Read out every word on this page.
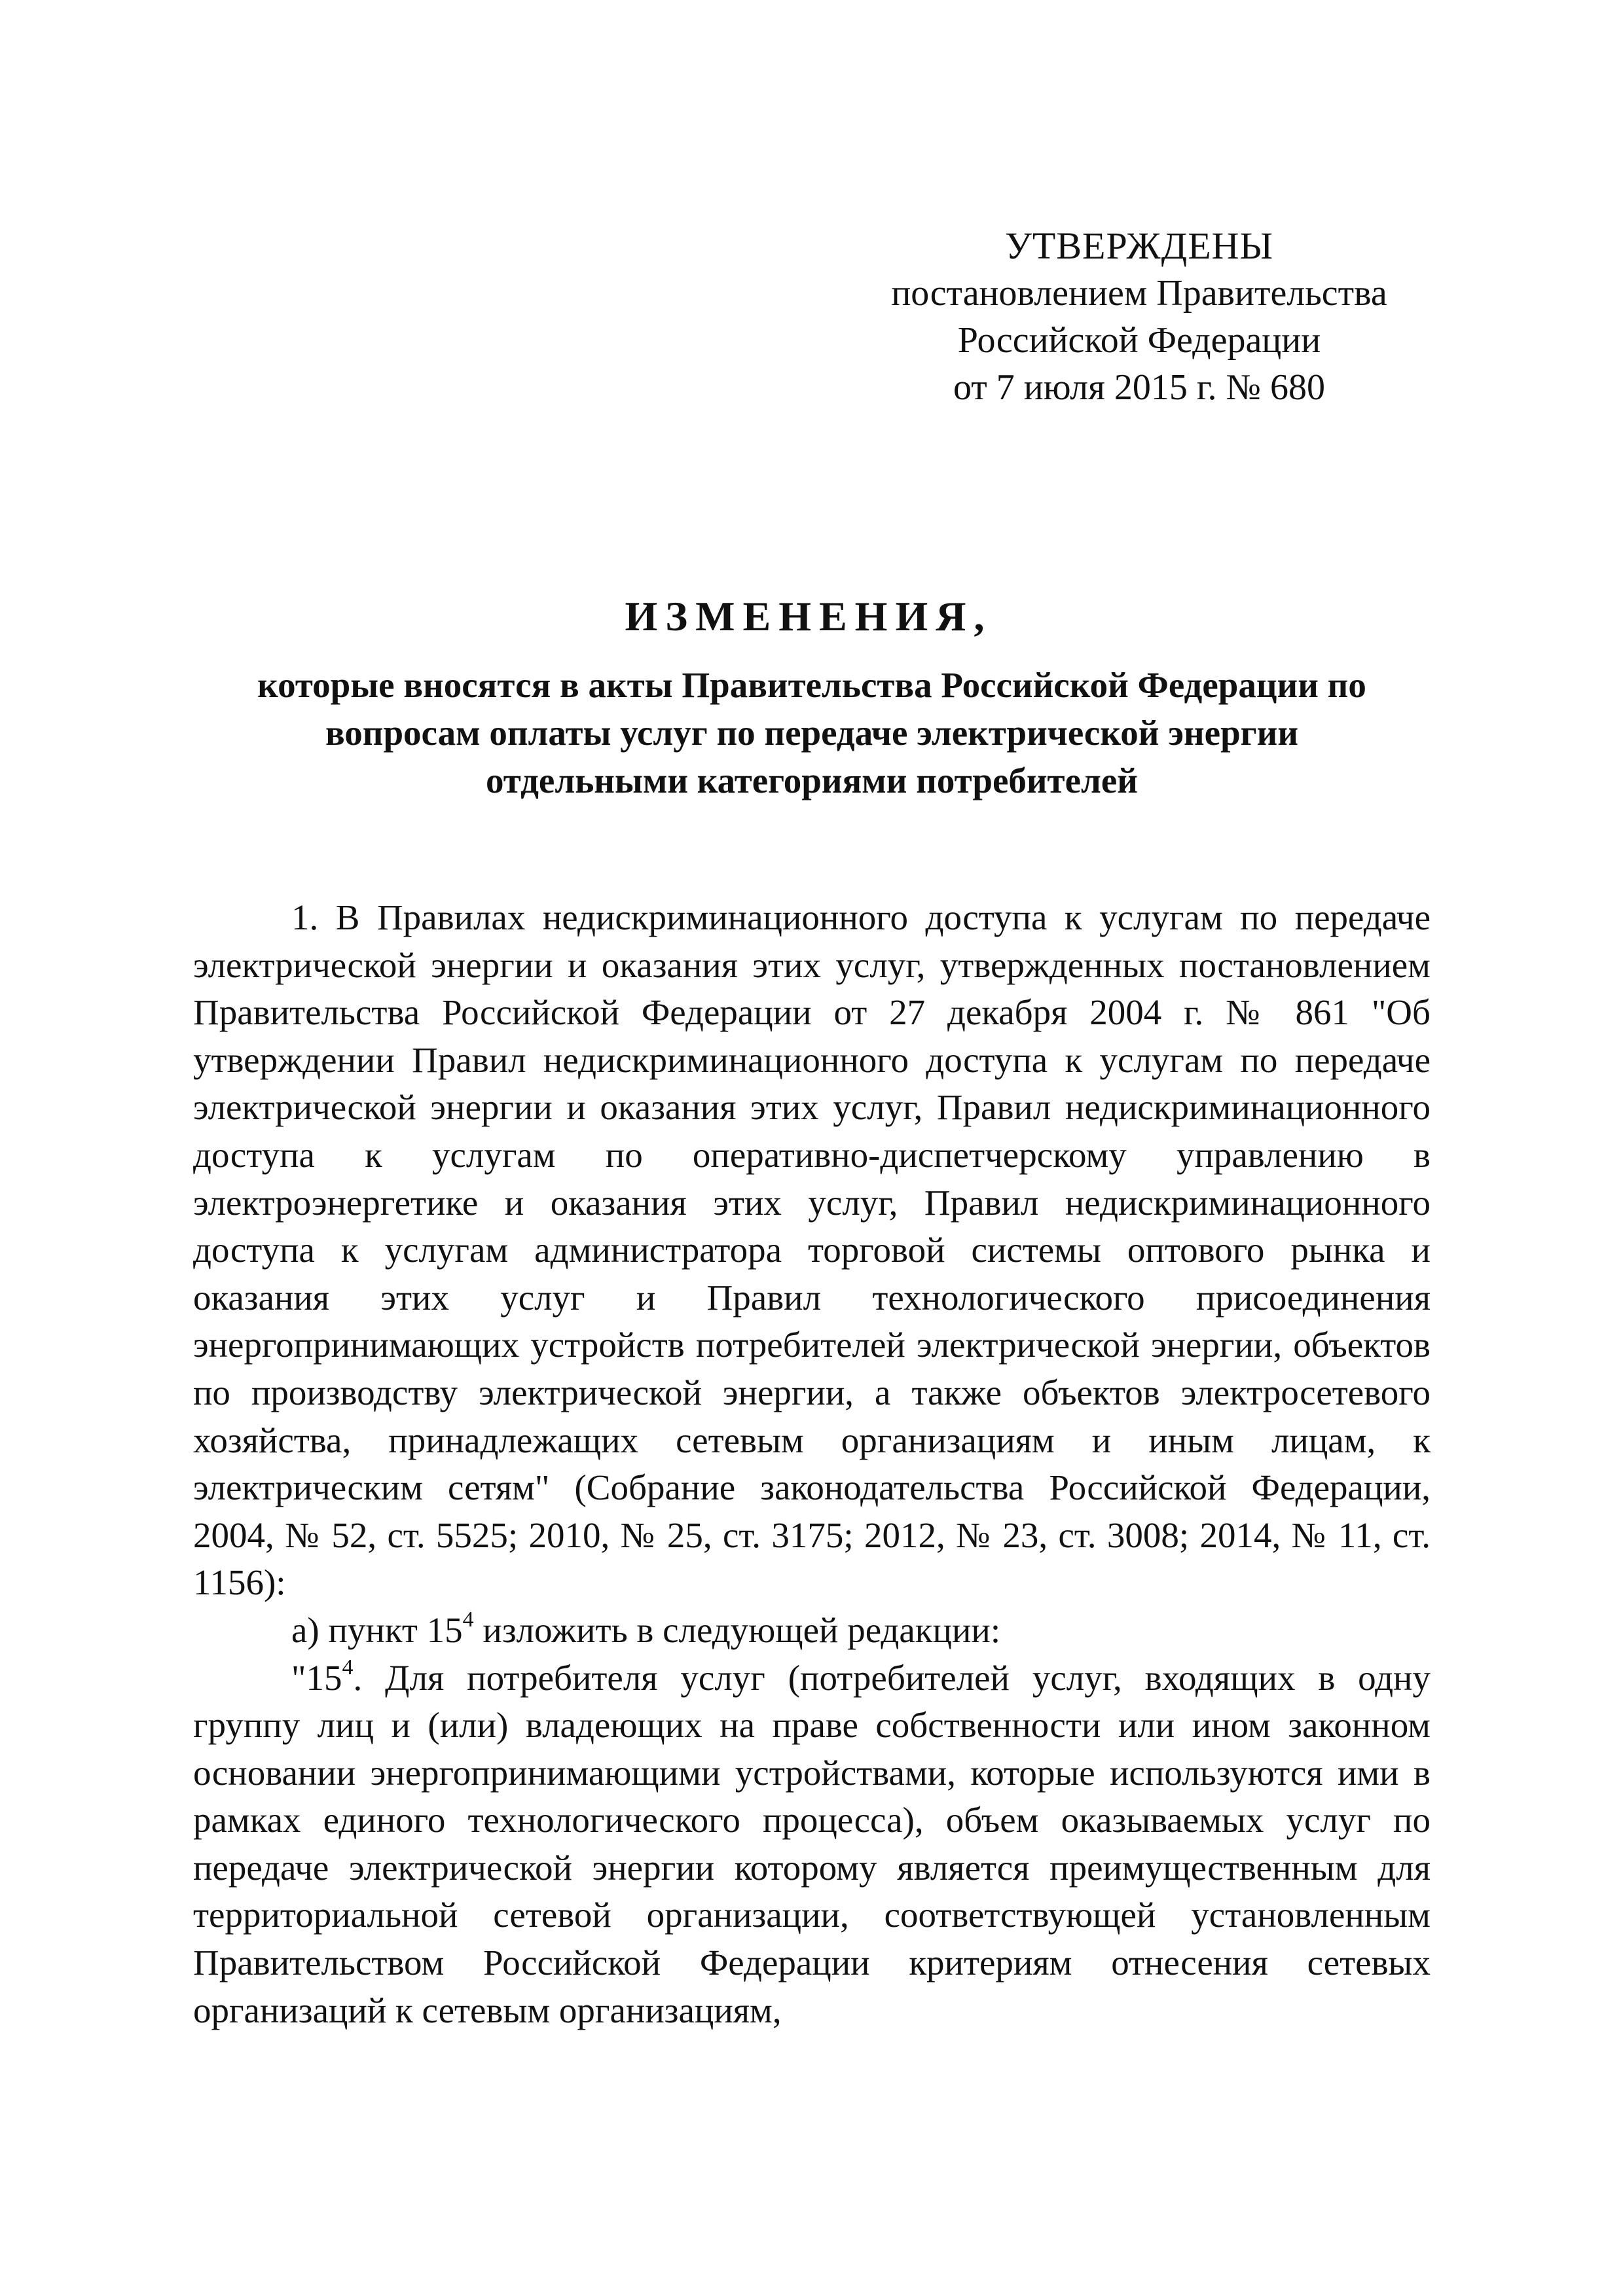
УТВЕРЖДЕНЫ
постановлением Правительства
Российской Федерации
от 7 июля 2015 г. № 680
ИЗМЕНЕНИЯ,
которые вносятся в акты Правительства Российской Федерации по
вопросам оплаты услуг по передаче электрической энергии
отдельными категориями потребителей

1. В Правилах недискриминационного доступа к услугам по передаче электрической энергии и оказания этих услуг, утвержденных постановлением Правительства Российской Федерации от 27 декабря 2004 г. № 861 "Об утверждении Правил недискриминационного доступа к услугам по передаче электрической энергии и оказания этих услуг, Правил недискриминационного доступа к услугам по оперативно-диспетчерскому управлению в электроэнергетике и оказания этих услуг, Правил недискриминационного доступа к услугам администратора торговой системы оптового рынка и оказания этих услуг и Правил технологического присоединения энергопринимающих устройств потребителей электрической энергии, объектов по производству электрической энергии, а также объектов электросетевого хозяйства, принадлежащих сетевым организациям и иным лицам, к электрическим сетям" (Собрание законодательства Российской Федерации, 2004, № 52, ст. 5525; 2010, № 25, ст. 3175; 2012, № 23, ст. 3008; 2014, № 11, ст. 1156):

а) пункт $15^4$ изложить в следующей редакции:

"$15^4$. Для потребителя услуг (потребителей услуг, входящих в одну группу лиц и (или) владеющих на праве собственности или ином законном основании энергопринимающими устройствами, которые используются ими в рамках единого технологического процесса), объем оказываемых услуг по передаче электрической энергии которому является преимущественным для территориальной сетевой организации, соответствующей установленным Правительством Российской Федерации критериям отнесения сетевых организаций к сетевым организациям,
